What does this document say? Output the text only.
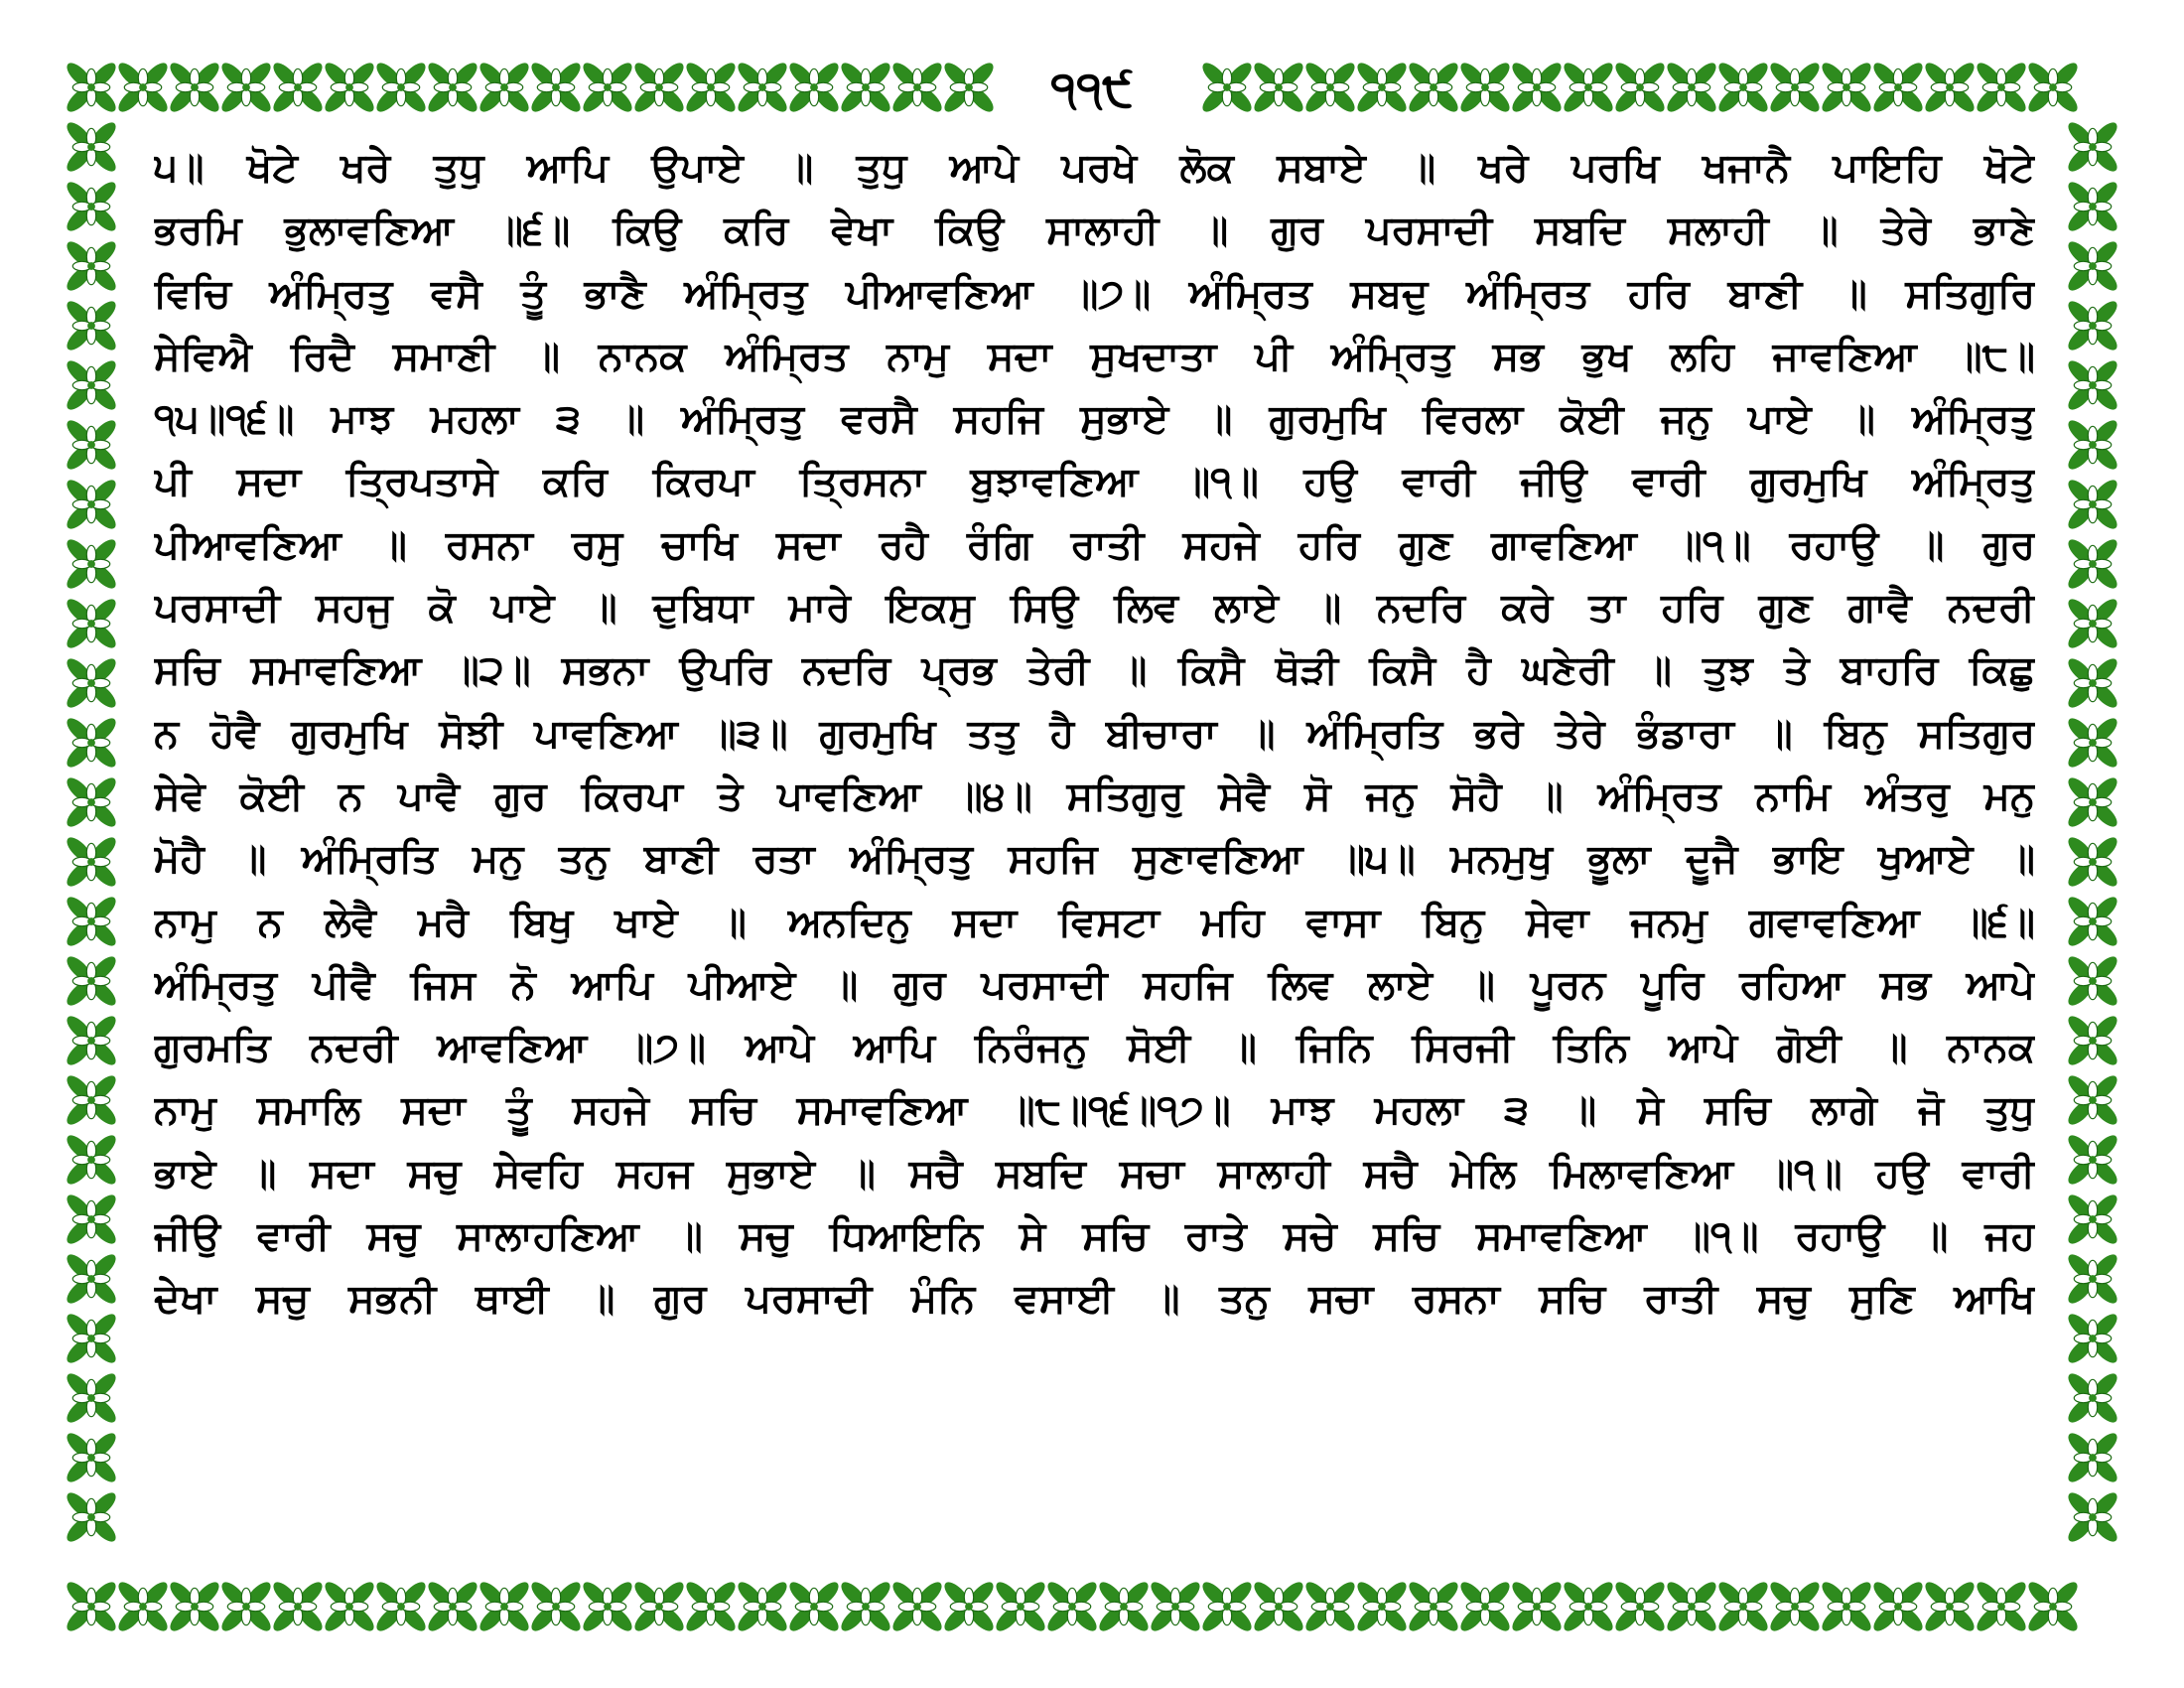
੧੧੯
੫॥ ਖੋਟੇ ਖਰੇ ਤੁਧੁ ਆਪਿ ਉਪਾਏ ॥ ਤੁਧੁ ਆਪੇ ਪਰਖੇ ਲੋਕ ਸਬਾਏ ॥ ਖਰੇ ਪਰਖਿ ਖਜਾਨੈ ਪਾਇਹਿ ਖੋਟੇ
ਭਰਮਿ ਭੁਲਾਵਣਿਆ ॥੬॥ ਕਿਉ ਕਰਿ ਵੇਖਾ ਕਿਉ ਸਾਲਾਹੀ ॥ ਗੁਰ ਪਰਸਾਦੀ ਸਬਦਿ ਸਲਾਹੀ ॥ ਤੇਰੇ ਭਾਣੇ
ਵਿਚਿ ਅੰਮ੍ਰਿਤੁ ਵਸੈ ਤੂੰ ਭਾਣੈ ਅੰਮ੍ਰਿਤੁ ਪੀਆਵਣਿਆ ॥੭॥ ਅੰਮ੍ਰਿਤ ਸਬਦੁ ਅੰਮ੍ਰਿਤ ਹਰਿ ਬਾਣੀ ॥ ਸਤਿਗੁਰਿ
ਸੇਵਿਐ ਰਿਦੈ ਸਮਾਣੀ ॥ ਨਾਨਕ ਅੰਮ੍ਰਿਤ ਨਾਮੁ ਸਦਾ ਸੁਖਦਾਤਾ ਪੀ ਅੰਮ੍ਰਿਤੁ ਸਭ ਭੁਖ ਲਹਿ ਜਾਵਣਿਆ ॥੮॥
੧੫॥੧੬॥ ਮਾਝ ਮਹਲਾ ੩ ॥ ਅੰਮ੍ਰਿਤੁ ਵਰਸੈ ਸਹਜਿ ਸੁਭਾਏ ॥ ਗੁਰਮੁਖਿ ਵਿਰਲਾ ਕੋਈ ਜਨੁ ਪਾਏ ॥ ਅੰਮ੍ਰਿਤੁ
ਪੀ ਸਦਾ ਤ੍ਰਿਪਤਾਸੇ ਕਰਿ ਕਿਰਪਾ ਤ੍ਰਿਸਨਾ ਬੁਝਾਵਣਿਆ ॥੧॥ ਹਉ ਵਾਰੀ ਜੀਉ ਵਾਰੀ ਗੁਰਮੁਖਿ ਅੰਮ੍ਰਿਤੁ
ਪੀਆਵਣਿਆ ॥ ਰਸਨਾ ਰਸੁ ਚਾਖਿ ਸਦਾ ਰਹੈ ਰੰਗਿ ਰਾਤੀ ਸਹਜੇ ਹਰਿ ਗੁਣ ਗਾਵਣਿਆ ॥੧॥ ਰਹਾਉ ॥ ਗੁਰ
ਪਰਸਾਦੀ ਸਹਜੁ ਕੋ ਪਾਏ ॥ ਦੁਬਿਧਾ ਮਾਰੇ ਇਕਸੁ ਸਿਉ ਲਿਵ ਲਾਏ ॥ ਨਦਰਿ ਕਰੇ ਤਾ ਹਰਿ ਗੁਣ ਗਾਵੈ ਨਦਰੀ
ਸਚਿ ਸਮਾਵਣਿਆ ॥੨॥ ਸਭਨਾ ਉਪਰਿ ਨਦਰਿ ਪ੍ਰਭ ਤੇਰੀ ॥ ਕਿਸੈ ਥੋੜੀ ਕਿਸੈ ਹੈ ਘਣੇਰੀ ॥ ਤੁਝ ਤੇ ਬਾਹਰਿ ਕਿਛੁ
ਨ ਹੋਵੈ ਗੁਰਮੁਖਿ ਸੋਝੀ ਪਾਵਣਿਆ ॥੩॥ ਗੁਰਮੁਖਿ ਤਤੁ ਹੈ ਬੀਚਾਰਾ ॥ ਅੰਮ੍ਰਿਤਿ ਭਰੇ ਤੇਰੇ ਭੰਡਾਰਾ ॥ ਬਿਨੁ ਸਤਿਗੁਰ
ਸੇਵੇ ਕੋਈ ਨ ਪਾਵੈ ਗੁਰ ਕਿਰਪਾ ਤੇ ਪਾਵਣਿਆ ॥੪॥ ਸਤਿਗੁਰੁ ਸੇਵੈ ਸੋ ਜਨੁ ਸੋਹੈ ॥ ਅੰਮ੍ਰਿਤ ਨਾਮਿ ਅੰਤਰੁ ਮਨੁ
ਮੋਹੈ ॥ ਅੰਮ੍ਰਿਤਿ ਮਨੁ ਤਨੁ ਬਾਣੀ ਰਤਾ ਅੰਮ੍ਰਿਤੁ ਸਹਜਿ ਸੁਣਾਵਣਿਆ ॥੫॥ ਮਨਮੁਖੁ ਭੂਲਾ ਦੂਜੈ ਭਾਇ ਖੁਆਏ ॥
ਨਾਮੁ ਨ ਲੇਵੈ ਮਰੈ ਬਿਖੁ ਖਾਏ ॥ ਅਨਦਿਨੁ ਸਦਾ ਵਿਸਟਾ ਮਹਿ ਵਾਸਾ ਬਿਨੁ ਸੇਵਾ ਜਨਮੁ ਗਵਾਵਣਿਆ ॥੬॥
ਅੰਮ੍ਰਿਤੁ ਪੀਵੈ ਜਿਸ ਨੋ ਆਪਿ ਪੀਆਏ ॥ ਗੁਰ ਪਰਸਾਦੀ ਸਹਜਿ ਲਿਵ ਲਾਏ ॥ ਪੂਰਨ ਪੂਰਿ ਰਹਿਆ ਸਭ ਆਪੇ
ਗੁਰਮਤਿ ਨਦਰੀ ਆਵਣਿਆ ॥੭॥ ਆਪੇ ਆਪਿ ਨਿਰੰਜਨੁ ਸੋਈ ॥ ਜਿਨਿ ਸਿਰਜੀ ਤਿਨਿ ਆਪੇ ਗੋਈ ॥ ਨਾਨਕ
ਨਾਮੁ ਸਮਾਲਿ ਸਦਾ ਤੂੰ ਸਹਜੇ ਸਚਿ ਸਮਾਵਣਿਆ ॥੮॥੧੬॥੧੭॥ ਮਾਝ ਮਹਲਾ ੩ ॥ ਸੇ ਸਚਿ ਲਾਗੇ ਜੋ ਤੁਧੁ
ਭਾਏ ॥ ਸਦਾ ਸਚੁ ਸੇਵਹਿ ਸਹਜ ਸੁਭਾਏ ॥ ਸਚੈ ਸਬਦਿ ਸਚਾ ਸਾਲਾਹੀ ਸਚੈ ਮੇਲਿ ਮਿਲਾਵਣਿਆ ॥੧॥ ਹਉ ਵਾਰੀ
ਜੀਉ ਵਾਰੀ ਸਚੁ ਸਾਲਾਹਣਿਆ ॥ ਸਚੁ ਧਿਆਇਨਿ ਸੇ ਸਚਿ ਰਾਤੇ ਸਚੇ ਸਚਿ ਸਮਾਵਣਿਆ ॥੧॥ ਰਹਾਉ ॥ ਜਹ
ਦੇਖਾ ਸਚੁ ਸਭਨੀ ਥਾਈ ॥ ਗੁਰ ਪਰਸਾਦੀ ਮੰਨਿ ਵਸਾਈ ॥ ਤਨੁ ਸਚਾ ਰਸਨਾ ਸਚਿ ਰਾਤੀ ਸਚੁ ਸੁਣਿ ਆਖਿ
